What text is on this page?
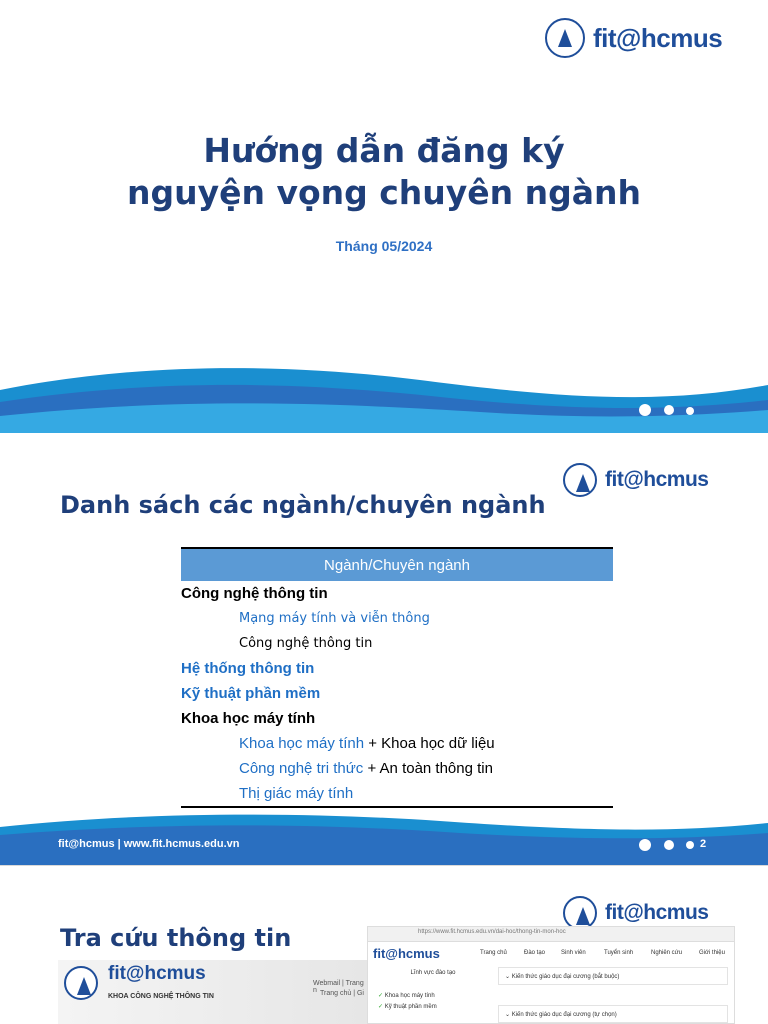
fit@hcmus
Hướng dẫn đăng ký
nguyện vọng chuyên ngành
Tháng 05/2024
fit@hcmus
Danh sách các ngành/chuyên ngành
Ngành/Chuyên ngành
Công nghệ thông tin
Mạng máy tính và viễn thông
Công nghệ thông tin
Hệ thống thông tin
Kỹ thuật phần mềm
Khoa học máy tính
Khoa học máy tính + Khoa học dữ liệu
Công nghệ tri thức + An toàn thông tin
Thị giác máy tính
fit@hcmus | www.fit.hcmus.edu.vn	2
fit@hcmus
Tra cứu thông tin
fit@hcmus
KHOA CÔNG NGHỆ THÔNG TIN
Webmail | Trang n Trang chủ | Gi
https://www.fit.hcmus.edu.vn/dai-hoc/thong-tin-mon-hoc
fit@hcmus	Trang chủ	Đào tạo	Sinh viên	Tuyển sinh	Nghiên cứu	Giới thiệu
Lĩnh vực đào tạo
✓ Khoa học máy tính
✓ Kỹ thuật phần mềm
⌄ Kiến thức giáo dục đại cương (bắt buộc)
⌄ Kiến thức giáo dục đại cương (tự chọn)
